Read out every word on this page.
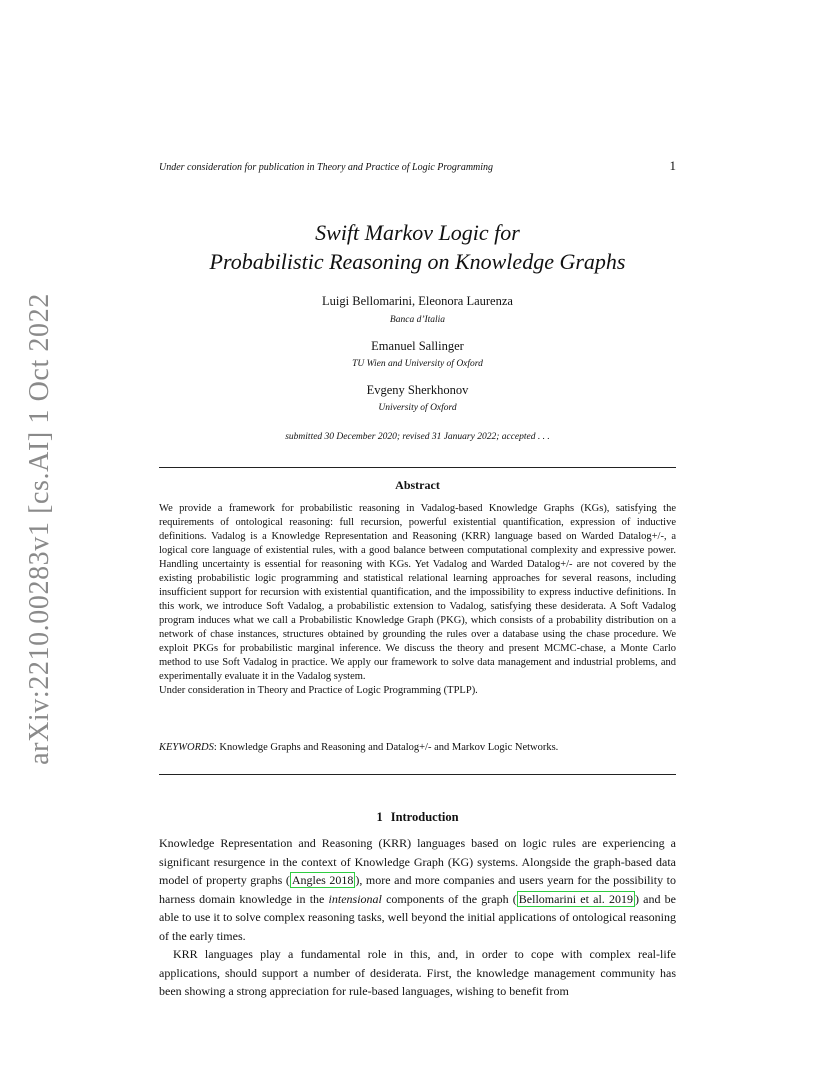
arXiv:2210.00283v1 [cs.AI] 1 Oct 2022
Under consideration for publication in Theory and Practice of Logic Programming	1
Swift Markov Logic for
Probabilistic Reasoning on Knowledge Graphs
Luigi Bellomarini, Eleonora Laurenza
Banca d’Italia
Emanuel Sallinger
TU Wien and University of Oxford
Evgeny Sherkhonov
University of Oxford
submitted 30 December 2020; revised 31 January 2022; accepted . . .
Abstract

We provide a framework for probabilistic reasoning in Vadalog-based Knowledge Graphs (KGs), satisfying the requirements of ontological reasoning: full recursion, powerful existential quantification, expression of inductive definitions. Vadalog is a Knowledge Representation and Reasoning (KRR) language based on Warded Datalog+/-, a logical core language of existential rules, with a good balance between computational complexity and expressive power. Handling uncertainty is essential for reasoning with KGs. Yet Vadalog and Warded Datalog+/- are not covered by the existing probabilistic logic programming and statistical relational learning approaches for several reasons, including insufficient support for recursion with existential quantification, and the impossibility to express inductive definitions. In this work, we introduce Soft Vadalog, a probabilistic extension to Vadalog, satisfying these desiderata. A Soft Vadalog program induces what we call a Probabilistic Knowledge Graph (PKG), which consists of a probability distribution on a network of chase instances, structures obtained by grounding the rules over a database using the chase procedure. We exploit PKGs for probabilistic marginal inference. We discuss the theory and present MCMC-chase, a Monte Carlo method to use Soft Vadalog in practice. We apply our framework to solve data management and industrial problems, and experimentally evaluate it in the Vadalog system.

Under consideration in Theory and Practice of Logic Programming (TPLP).

KEYWORDS: Knowledge Graphs and Reasoning and Datalog+/- and Markov Logic Networks.
1 Introduction

Knowledge Representation and Reasoning (KRR) languages based on logic rules are experiencing a significant resurgence in the context of Knowledge Graph (KG) systems. Alongside the graph-based data model of property graphs ( Angles 2018 ), more and more companies and users yearn for the possibility to harness domain knowledge in the intensional components of the graph ( Bellomarini et al. 2019 ) and be able to use it to solve complex reasoning tasks, well beyond the initial applications of ontological reasoning of the early times.

KRR languages play a fundamental role in this, and, in order to cope with complex real-life applications, should support a number of desiderata. First, the knowledge management community has been showing a strong appreciation for rule-based languages, wishing to benefit from
